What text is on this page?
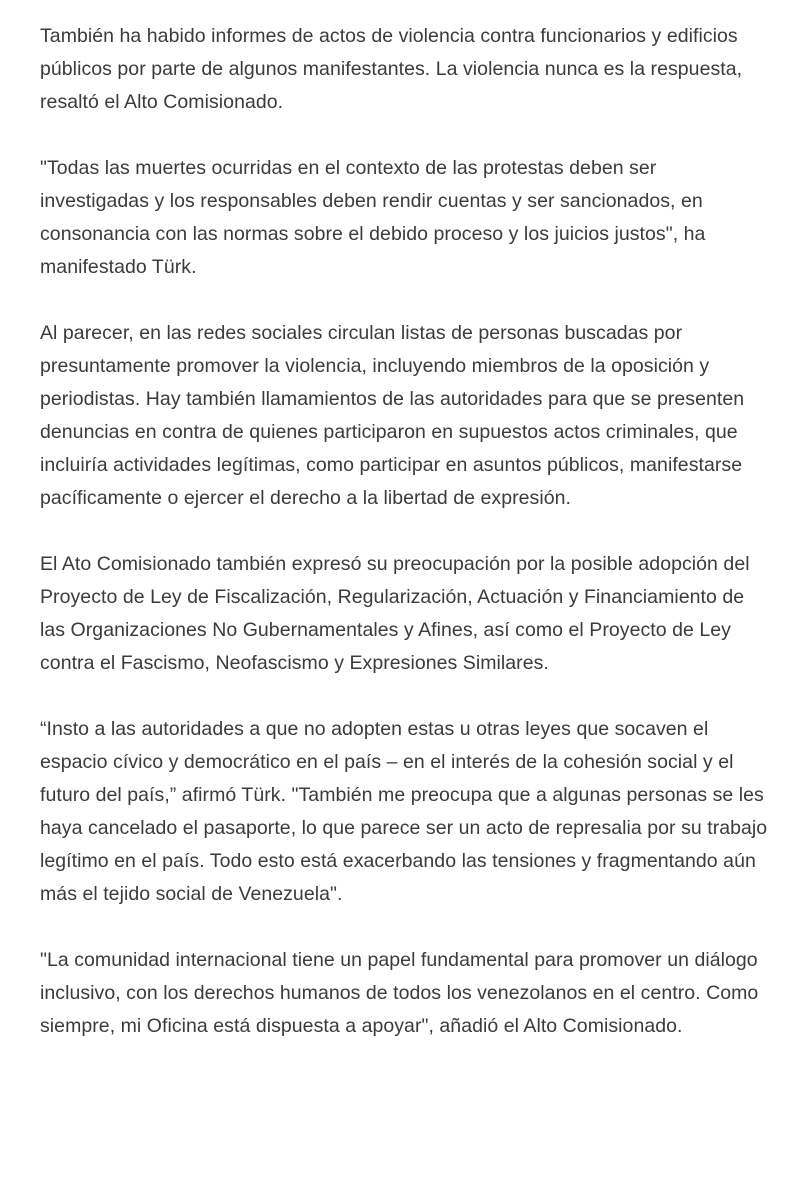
También ha habido informes de actos de violencia contra funcionarios y edificios públicos por parte de algunos manifestantes. La violencia nunca es la respuesta, resaltó el Alto Comisionado.

"Todas las muertes ocurridas en el contexto de las protestas deben ser investigadas y los responsables deben rendir cuentas y ser sancionados, en consonancia con las normas sobre el debido proceso y los juicios justos", ha manifestado Türk.

Al parecer, en las redes sociales circulan listas de personas buscadas por presuntamente promover la violencia, incluyendo miembros de la oposición y periodistas. Hay también llamamientos de las autoridades para que se presenten denuncias en contra de quienes participaron en supuestos actos criminales, que incluiría actividades legítimas, como participar en asuntos públicos, manifestarse pacíficamente o ejercer el derecho a la libertad de expresión.

El Ato Comisionado también expresó su preocupación por la posible adopción del Proyecto de Ley de Fiscalización, Regularización, Actuación y Financiamiento de las Organizaciones No Gubernamentales y Afines, así como el Proyecto de Ley contra el Fascismo, Neofascismo y Expresiones Similares.

“Insto a las autoridades a que no adopten estas u otras leyes que socaven el espacio cívico y democrático en el país – en el interés de la cohesión social y el futuro del país,” afirmó Türk. "También me preocupa que a algunas personas se les haya cancelado el pasaporte, lo que parece ser un acto de represalia por su trabajo legítimo en el país. Todo esto está exacerbando las tensiones y fragmentando aún más el tejido social de Venezuela".

"La comunidad internacional tiene un papel fundamental para promover un diálogo inclusivo, con los derechos humanos de todos los venezolanos en el centro. Como siempre, mi Oficina está dispuesta a apoyar", añadió el Alto Comisionado.
